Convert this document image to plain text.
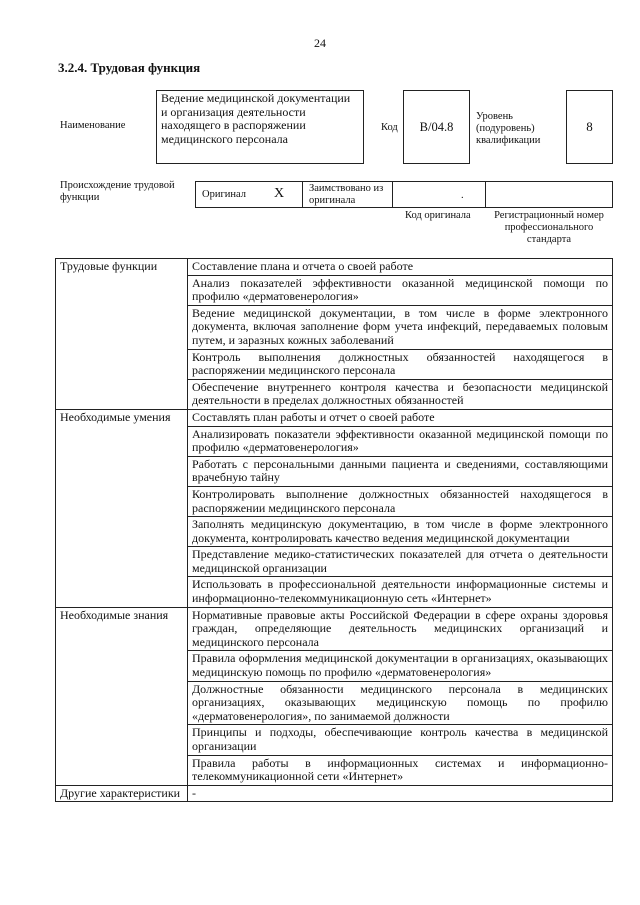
24
3.2.4. Трудовая функция
Наименование
Ведение медицинской документации и организация деятельности находящего в распоряжении медицинского персонала
Код B/04.8
Уровень (подуровень) квалификации
8
Происхождение трудовой функции	Оригинал X Заимствовано из оригинала	.
Код оригинала	Регистрационный номер профессионального стандарта
Трудовые функции	Составление плана и отчета о своей работе
	Анализ показателей эффективности оказанной медицинской помощи по профилю «дерматовенерология»
	Ведение медицинской документации, в том числе в форме электронного документа, включая заполнение форм учета инфекций, передаваемых половым путем, и заразных кожных заболеваний
	Контроль выполнения должностных обязанностей находящегося в распоряжении медицинского персонала
	Обеспечение внутреннего контроля качества и безопасности медицинской деятельности в пределах должностных обязанностей
Необходимые умения	Составлять план работы и отчет о своей работе
	Анализировать показатели эффективности оказанной медицинской помощи по профилю «дерматовенерология»
	Работать с персональными данными пациента и сведениями, составляющими врачебную тайну
	Контролировать выполнение должностных обязанностей находящегося в распоряжении медицинского персонала
	Заполнять медицинскую документацию, в том числе в форме электронного документа, контролировать качество ведения медицинской документации
	Представление медико-статистических показателей для отчета о деятельности медицинской организации
	Использовать в профессиональной деятельности информационные системы и информационно-телекоммуникационную сеть «Интернет»
Необходимые знания	Нормативные правовые акты Российской Федерации в сфере охраны здоровья граждан, определяющие деятельность медицинских организаций и медицинского персонала
	Правила оформления медицинской документации в организациях, оказывающих медицинскую помощь по профилю «дерматовенерология»
	Должностные обязанности медицинского персонала в медицинских организациях, оказывающих медицинскую помощь по профилю «дерматовенерология», по занимаемой должности
	Принципы и подходы, обеспечивающие контроль качества в медицинской организации
	Правила работы в информационных системах и информационно-телекоммуникационной сети «Интернет»
Другие характеристики	-
